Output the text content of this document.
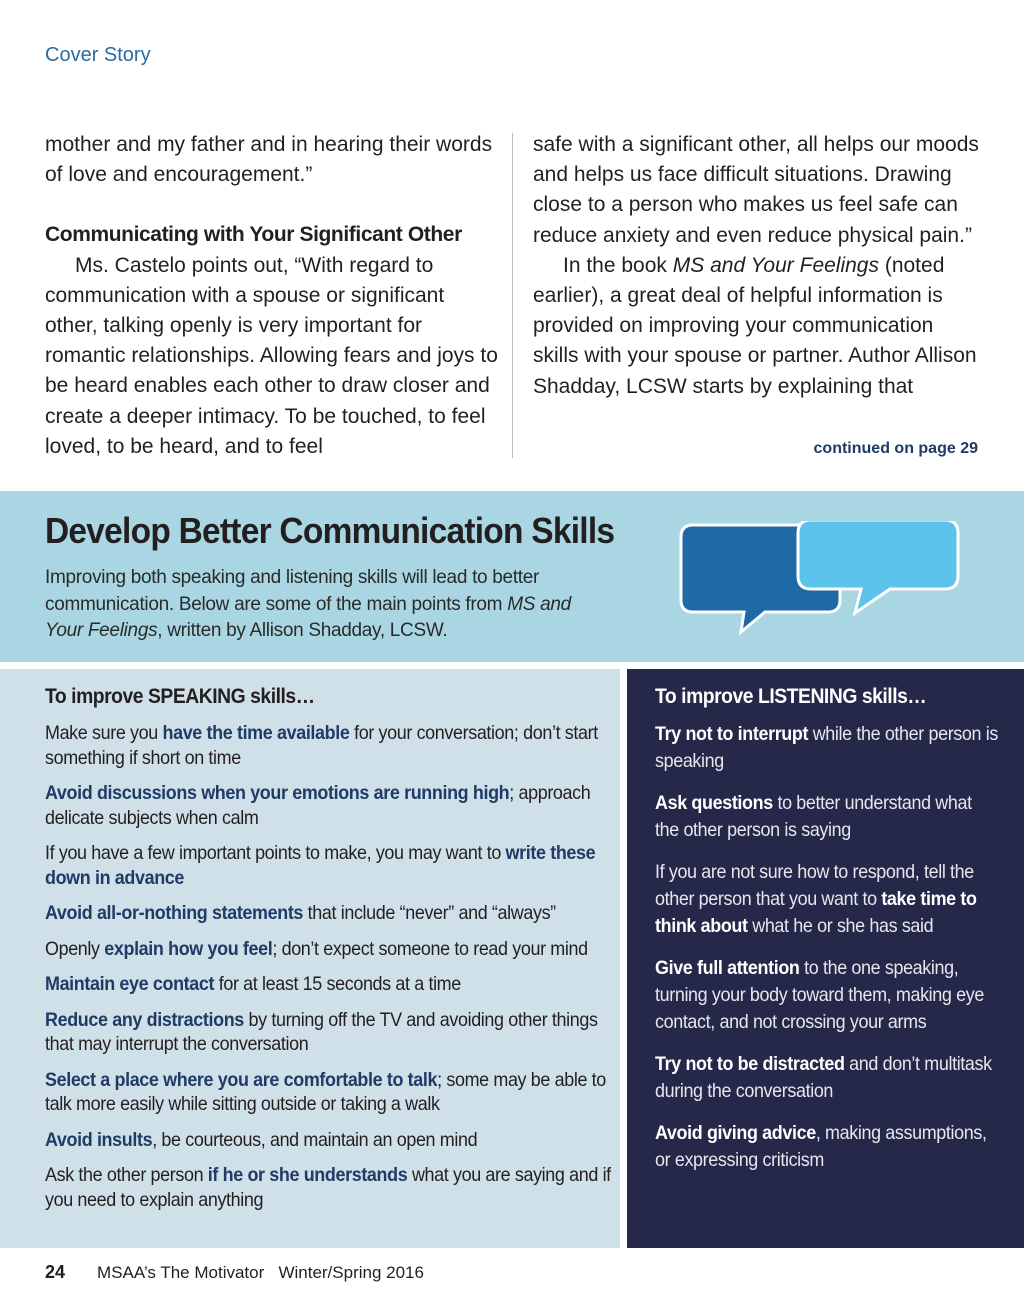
Cover Story

mother and my father and in hearing their words of love and encouragement.”

Communicating with Your Significant Other

Ms. Castelo points out, “With regard to communication with a spouse or significant other, talking openly is very important for romantic relationships. Allowing fears and joys to be heard enables each other to draw closer and create a deeper intimacy. To be touched, to feel loved, to be heard, and to feel

safe with a significant other, all helps our moods and helps us face difficult situations. Drawing close to a person who makes us feel safe can reduce anxiety and even reduce physical pain.”

In the book MS and Your Feelings (noted earlier), a great deal of helpful information is provided on improving your communication skills with your spouse or partner. Author Allison Shadday, LCSW starts by explaining that

continued on page 29
Develop Better Communication Skills
Improving both speaking and listening skills will lead to better communication. Below are some of the main points from MS and Your Feelings, written by Allison Shadday, LCSW.
To improve SPEAKING skills…
Make sure you have the time available for your conversation; don’t start something if short on time
Avoid discussions when your emotions are running high; approach delicate subjects when calm
If you have a few important points to make, you may want to write these down in advance
Avoid all-or-nothing statements that include “never” and “always”
Openly explain how you feel; don’t expect someone to read your mind
Maintain eye contact for at least 15 seconds at a time
Reduce any distractions by turning off the TV and avoiding other things that may interrupt the conversation
Select a place where you are comfortable to talk; some may be able to talk more easily while sitting outside or taking a walk
Avoid insults, be courteous, and maintain an open mind
Ask the other person if he or she understands what you are saying and if you need to explain anything
To improve LISTENING skills…
Try not to interrupt while the other person is speaking
Ask questions to better understand what the other person is saying
If you are not sure how to respond, tell the other person that you want to take time to think about what he or she has said
Give full attention to the one speaking, turning your body toward them, making eye contact, and not crossing your arms
Try not to be distracted and don’t multitask during the conversation
Avoid giving advice, making assumptions, or expressing criticism
24 MSAA’s The Motivator Winter/Spring 2016
